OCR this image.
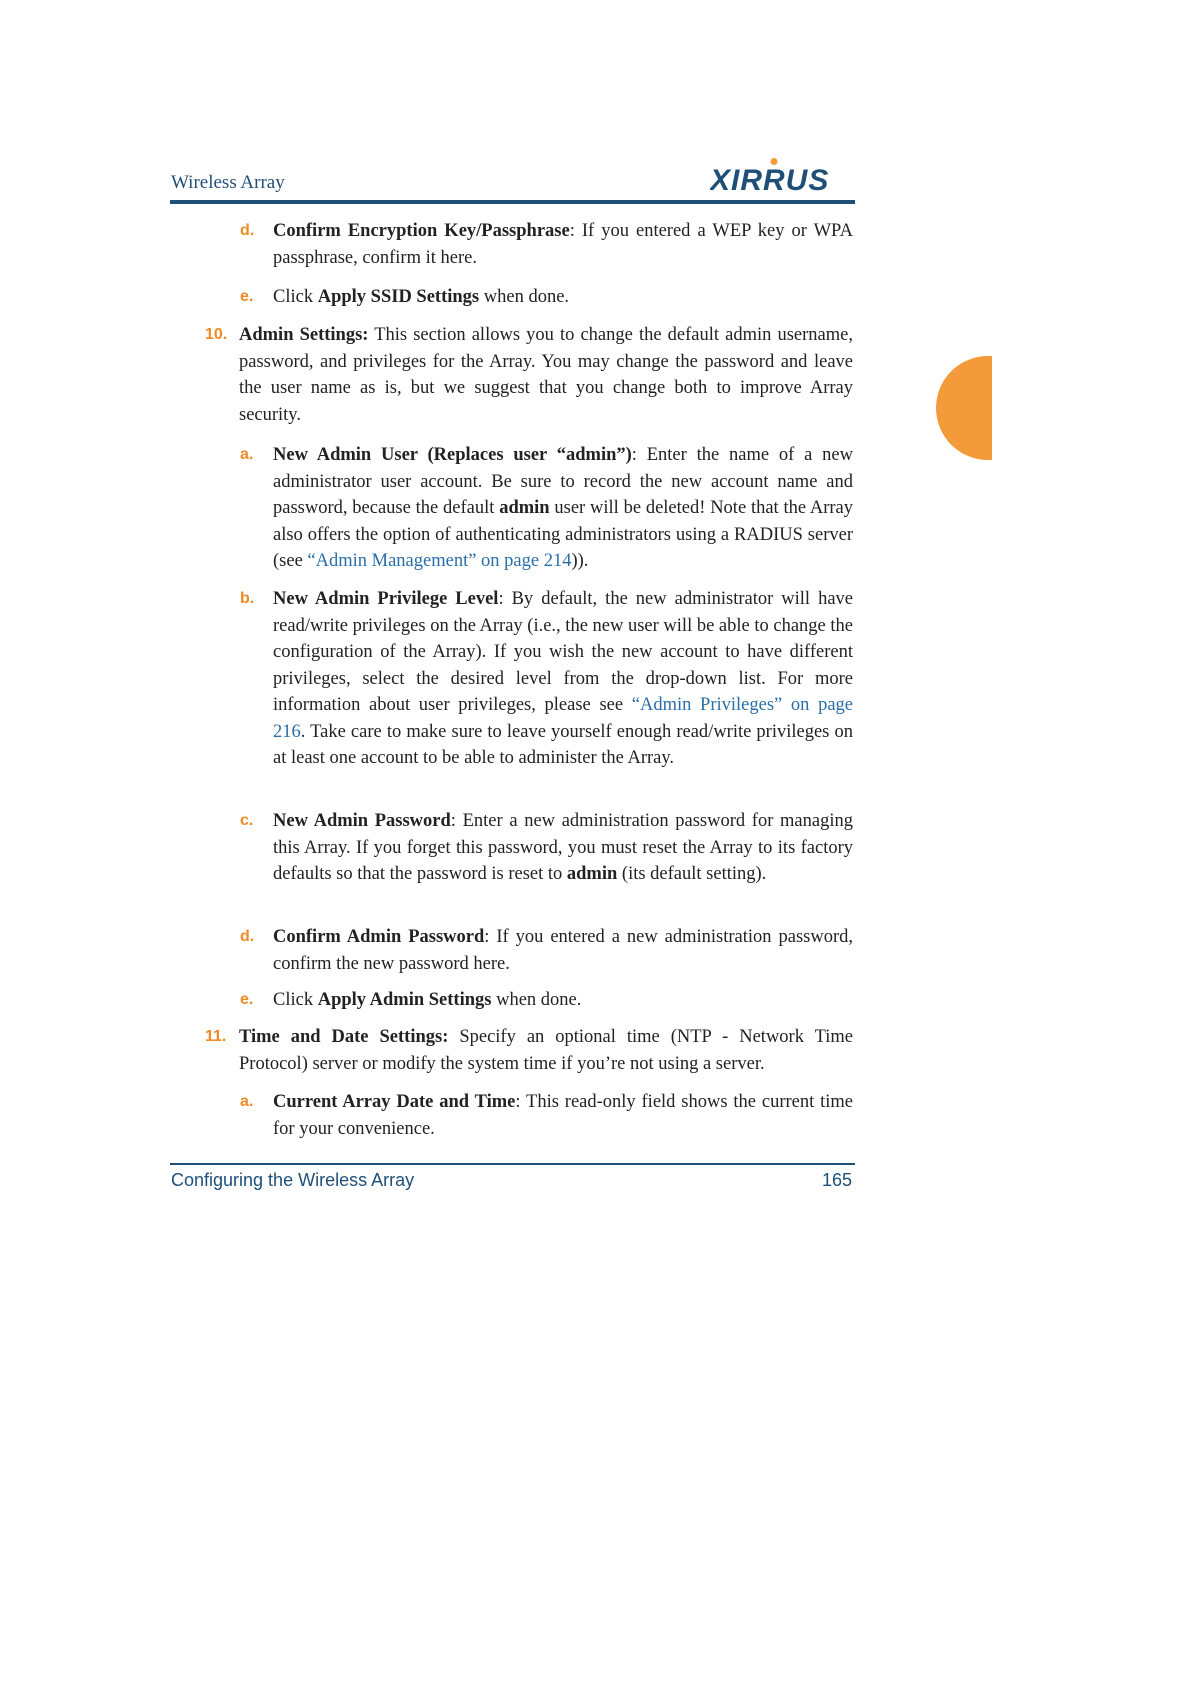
Wireless Array	XIRRUS
d. Confirm Encryption Key/Passphrase: If you entered a WEP key or WPA passphrase, confirm it here.
e. Click Apply SSID Settings when done.
10. Admin Settings: This section allows you to change the default admin username, password, and privileges for the Array. You may change the password and leave the user name as is, but we suggest that you change both to improve Array security.
a. New Admin User (Replaces user “admin”): Enter the name of a new administrator user account. Be sure to record the new account name and password, because the default admin user will be deleted! Note that the Array also offers the option of authenticating administrators using a RADIUS server (see “Admin Management” on page 214)).
b. New Admin Privilege Level: By default, the new administrator will have read/write privileges on the Array (i.e., the new user will be able to change the configuration of the Array). If you wish the new account to have different privileges, select the desired level from the drop-down list. For more information about user privileges, please see “Admin Privileges” on page 216. Take care to make sure to leave yourself enough read/write privileges on at least one account to be able to administer the Array.
c. New Admin Password: Enter a new administration password for managing this Array. If you forget this password, you must reset the Array to its factory defaults so that the password is reset to admin (its default setting).
d. Confirm Admin Password: If you entered a new administration password, confirm the new password here.
e. Click Apply Admin Settings when done.
11. Time and Date Settings: Specify an optional time (NTP - Network Time Protocol) server or modify the system time if you’re not using a server.
a. Current Array Date and Time: This read-only field shows the current time for your convenience.
Configuring the Wireless Array	165
